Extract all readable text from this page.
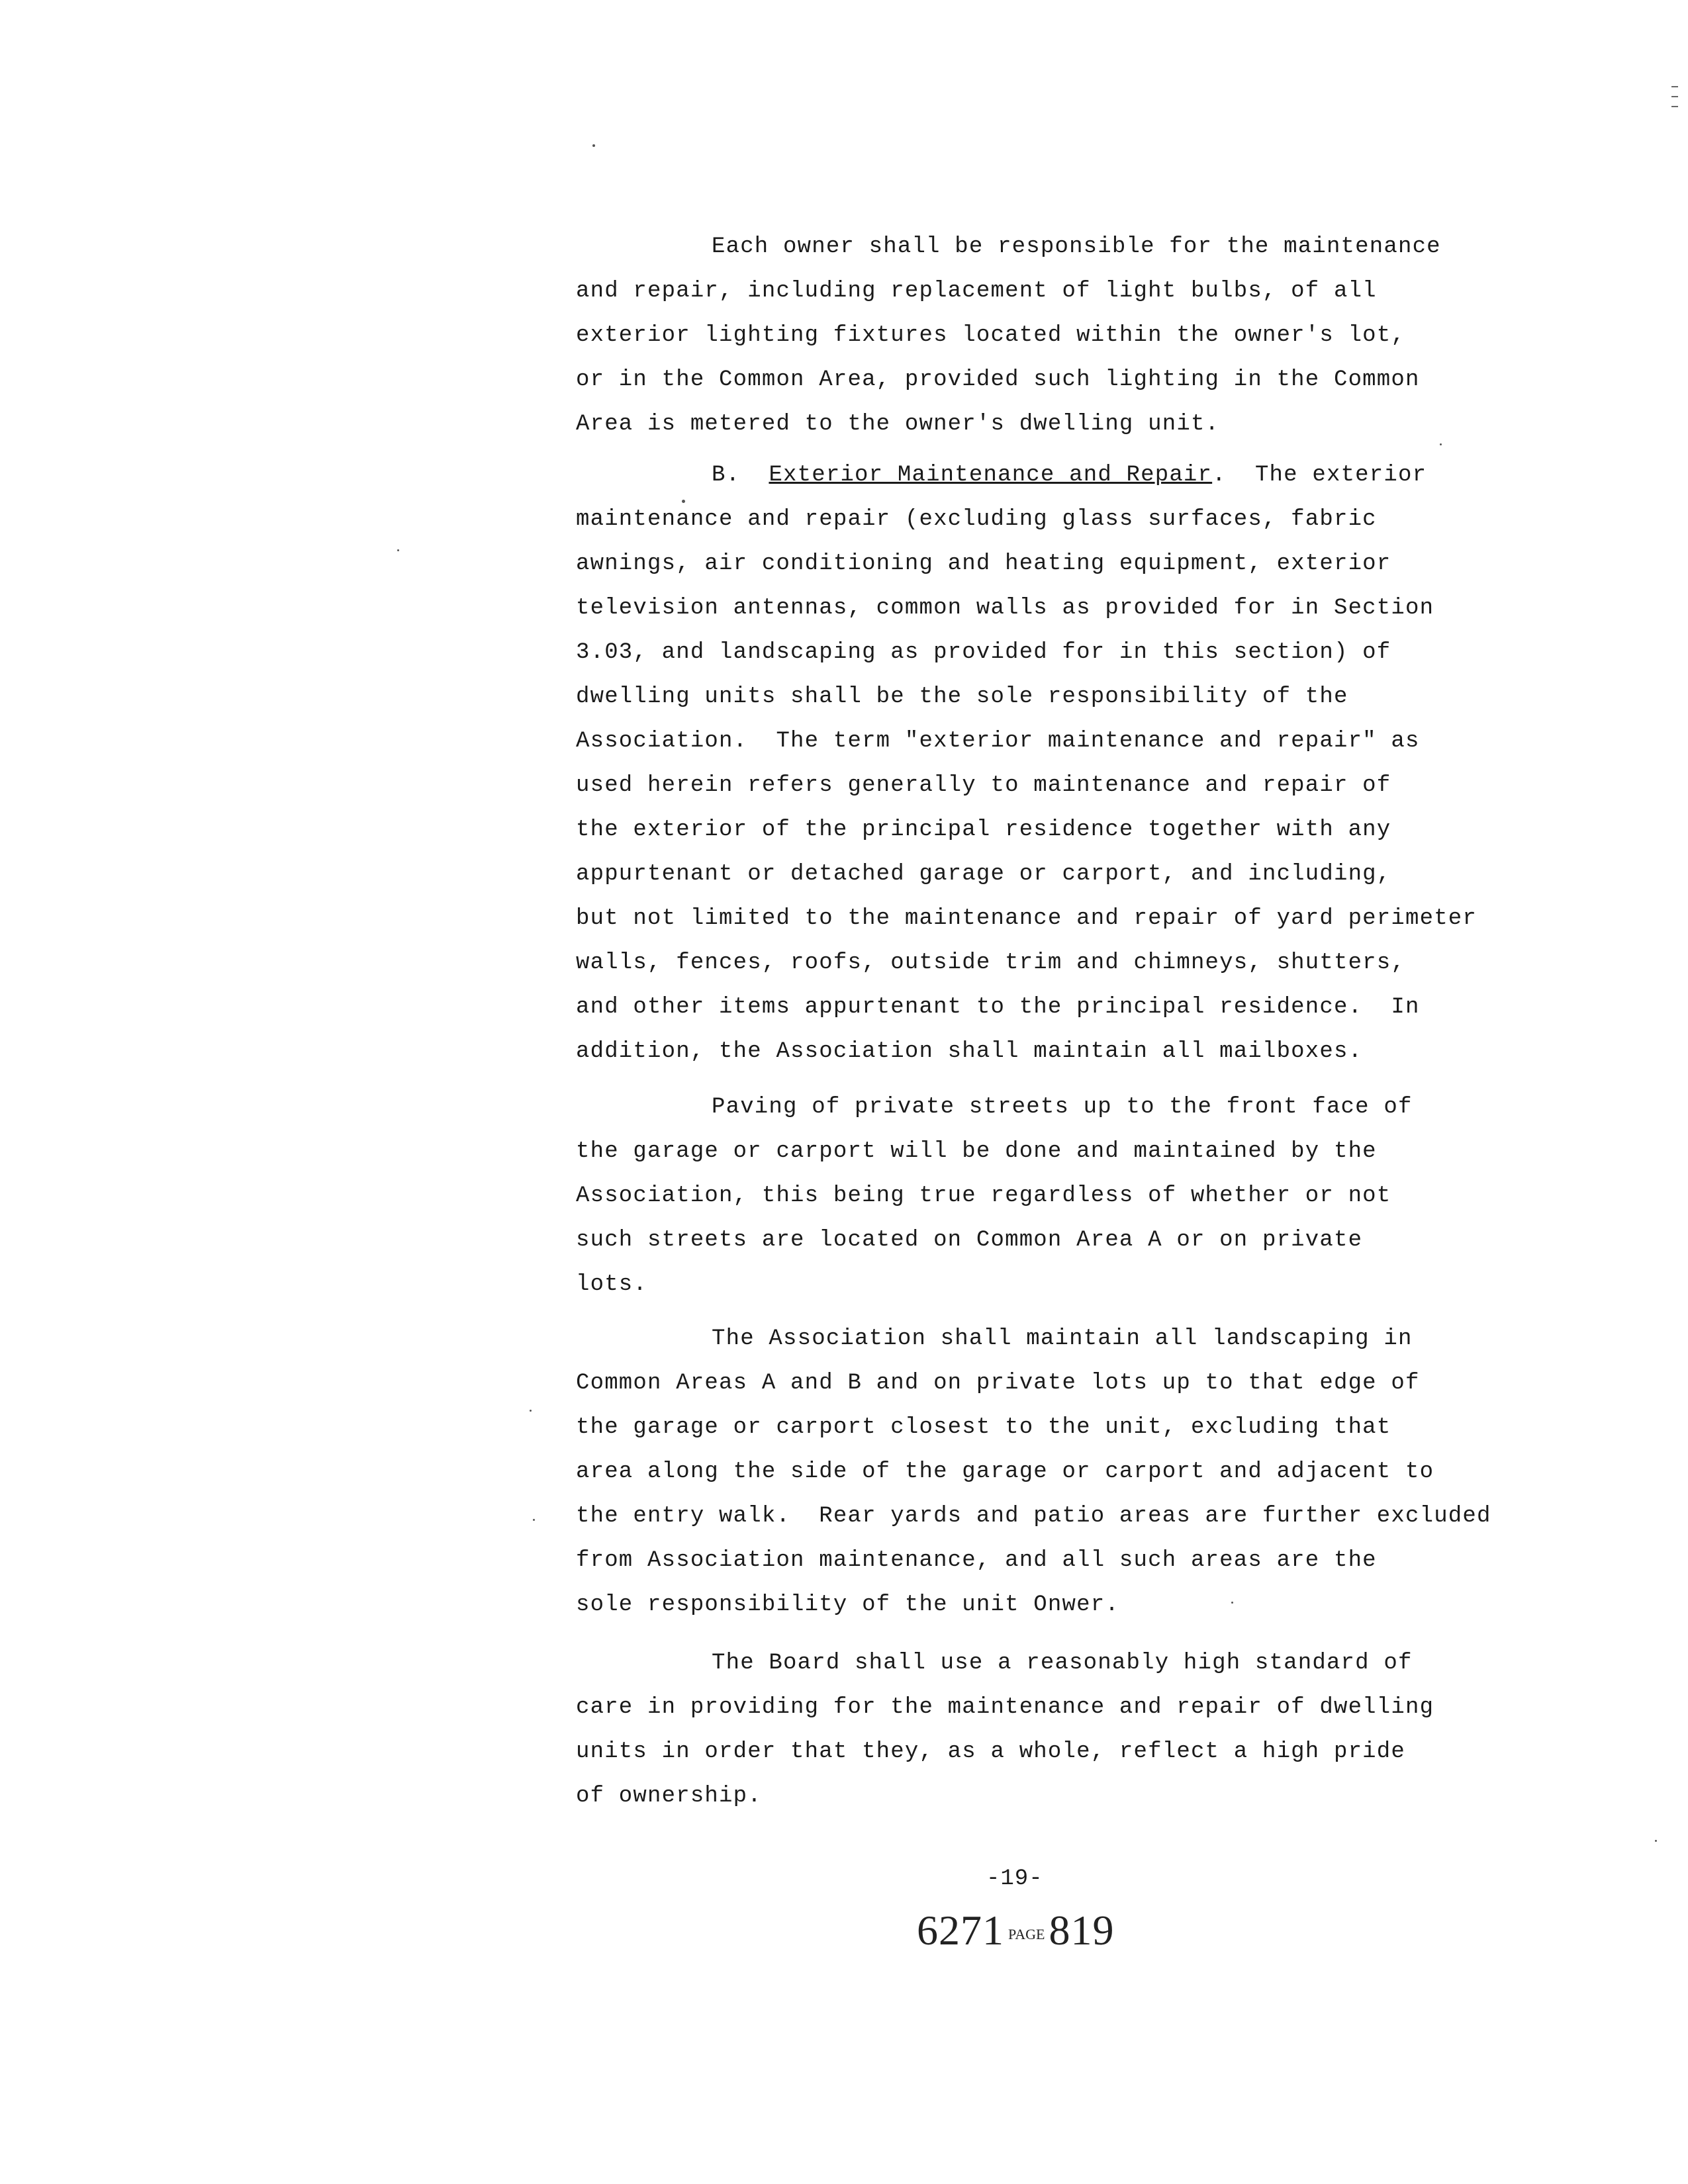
Each owner shall be responsible for the maintenance
and repair, including replacement of light bulbs, of all
exterior lighting fixtures located within the owner's lot,
or in the Common Area, provided such lighting in the Common
Area is metered to the owner's dwelling unit.
B. Exterior Maintenance and Repair.  The exterior
maintenance and repair (excluding glass surfaces, fabric
awnings, air conditioning and heating equipment, exterior
television antennas, common walls as provided for in Section
3.03, and landscaping as provided for in this section) of
dwelling units shall be the sole responsibility of the
Association.  The term "exterior maintenance and repair" as
used herein refers generally to maintenance and repair of
the exterior of the principal residence together with any
appurtenant or detached garage or carport, and including,
but not limited to the maintenance and repair of yard perimeter
walls, fences, roofs, outside trim and chimneys, shutters,
and other items appurtenant to the principal residence.  In
addition, the Association shall maintain all mailboxes.
Paving of private streets up to the front face of
the garage or carport will be done and maintained by the
Association, this being true regardless of whether or not
such streets are located on Common Area A or on private
lots.
The Association shall maintain all landscaping in
Common Areas A and B and on private lots up to that edge of
the garage or carport closest to the unit, excluding that
area along the side of the garage or carport and adjacent to
the entry walk.  Rear yards and patio areas are further excluded
from Association maintenance, and all such areas are the
sole responsibility of the unit Onwer.
The Board shall use a reasonably high standard of
care in providing for the maintenance and repair of dwelling
units in order that they, as a whole, reflect a high pride
of ownership.
-19-
6271 PAGE819
